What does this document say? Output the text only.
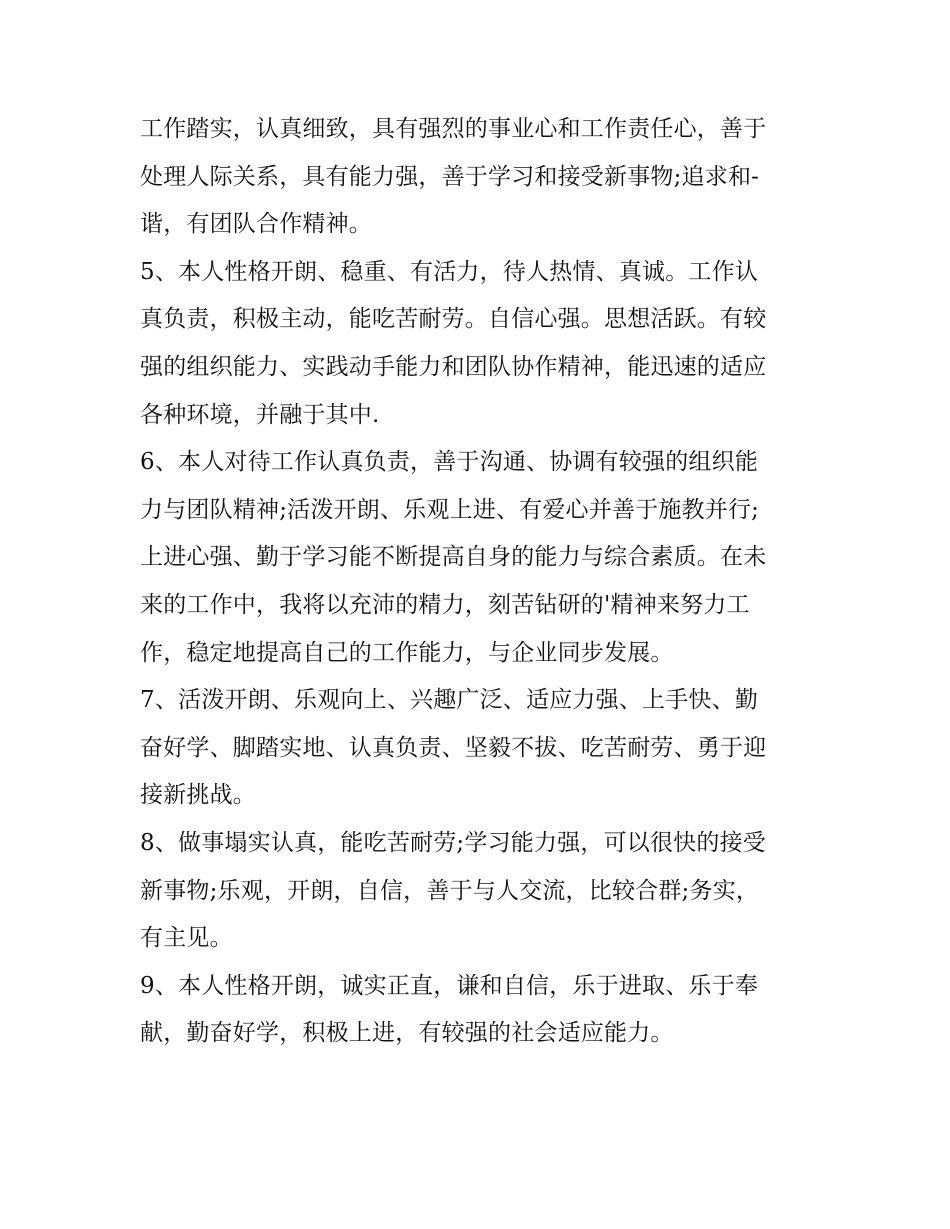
工作踏实，认真细致，具有强烈的事业心和工作责任心，善于
处理人际关系，具有能力强，善于学习和接受新事物;追求和-
谐，有团队合作精神。
5、本人性格开朗、稳重、有活力，待人热情、真诚。工作认
真负责，积极主动，能吃苦耐劳。自信心强。思想活跃。有较
强的组织能力、实践动手能力和团队协作精神，能迅速的适应
各种环境，并融于其中.
6、本人对待工作认真负责，善于沟通、协调有较强的组织能
力与团队精神;活泼开朗、乐观上进、有爱心并善于施教并行;
上进心强、勤于学习能不断提高自身的能力与综合素质。在未
来的工作中，我将以充沛的精力，刻苦钻研的'精神来努力工
作，稳定地提高自己的工作能力，与企业同步发展。
7、活泼开朗、乐观向上、兴趣广泛、适应力强、上手快、勤
奋好学、脚踏实地、认真负责、坚毅不拔、吃苦耐劳、勇于迎
接新挑战。
8、做事塌实认真，能吃苦耐劳;学习能力强，可以很快的接受
新事物;乐观，开朗，自信，善于与人交流，比较合群;务实，
有主见。
9、本人性格开朗，诚实正直，谦和自信，乐于进取、乐于奉
献，勤奋好学，积极上进，有较强的社会适应能力。
